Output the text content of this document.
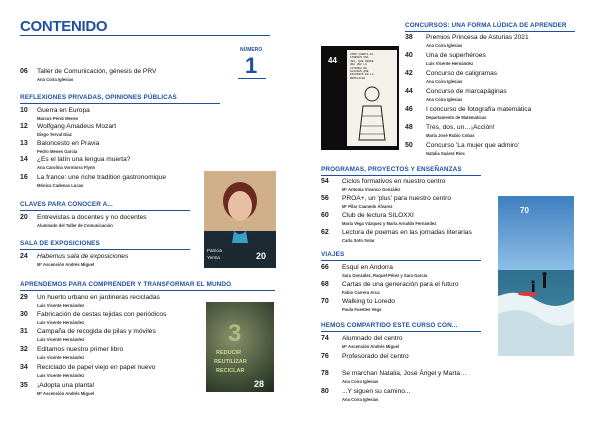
CONTENIDO
NÚMERO
1
06 Taller de Comunicación, génesis de PRV
Ana Coira Iglesias
REFLEXIONES PRIVADAS, OPINIONES PÚBLICAS
10 Guerra en Europa
Marcos Pérez Menes
12 Wolfgang Amadeus Mozart
Diego Yerval Díaz
13 Baloncesto en Pravia
Pedro Menes García
14 ¿Es el latín una lengua muerta?
Ana Carolina Vorotorra Flynn
16 La france: une riche tradition gastronomique
Mónica Cadenas Lucas
CLAVES PARA CONOCER A...
20 Entrevistas a docentes y no docentes
Alumnado del Taller de Comunicación
SALA DE EXPOSICIONES
24 Habemus sala de exposiciones
Mª Ascensión Andrés Miguel
APRENDEMOS PARA COMPRENDER Y TRANSFORMAR EL MUNDO
29 Un huerto urbano en jardineras recicladas
Luis Vicente Hernández
30 Fabricación de cestas tejidas con periódicos
Luis Vicente Hernández
31 Campaña de recogida de pilas y móviles
Luis Vicente Hernández
32 Editamos nuestro primer libro
Luis Vicente Hernández
34 Reciclado de papel viejo en papel nuevo
Luis Vicente Hernández
35 ¡Adopta una planta!
Mª Ascensión Andrés Miguel
Patricia
Yerma	20
3
REDUCIR
REUTILIZAR
RECICLAR
28
44
COMO CUENTA EL
TAMBIÉN UNA
VEZ, QUE ÉRASE
UNA VEZ LA
LEYENDA DE
ALGUIEN QUE
ESCRIBIÓ EN LA
REMOLACHA
CONCURSOS: UNA FORMA LÚDICA DE APRENDER
38 Premios Princesa de Asturias 2021
Ana Coira Iglesias
40 Una de superhéroes
Luis Vicente Hernández
42 Concurso de caligramas
Ana Coira Iglesias
44 Concurso de marcapáginas
Ana Coira Iglesias
46 I concurso de fotografía matemática
Departamento de Matemáticas
48 Tres, dos, un…¡Acción!
María José Rubio Cobas
50 Concurso 'La mujer que admiro'
Natalia Suárez Ríos
PROGRAMAS, PROYECTOS Y ENSEÑANZAS
54 Ciclos formativos en nuestro centro
Mª Antonia Vivanco González
56 PROA+, un 'plus' para nuestro centro
Mª Pilar Caunedo Álvarez
60 Club de lectura SILOXXI
María Vega Vázquez y María Arnaldo Fernández
62 Lectura de poemas en las jornadas literarias
Carla Soto Solar
VIAJES
66 Esquí en Andorra
Sara González, Raquel Pérez y Sara García
68 Cartas de una generación para el futuro
Fabio Carrera Arca
70 Walking to Loredo
Paula Fuentes Vega
HEMOS COMPARTIDO ESTE CURSO CON...
74 Alumnado del centro
Mª Ascensión Andrés Miguel
76 Profesorado del centro
78 Se marchan Natalia, José Ángel y Marta…
Ana Coira Iglesias
80 ...Y siguen su camino...
Ana Coira Iglesias
70
